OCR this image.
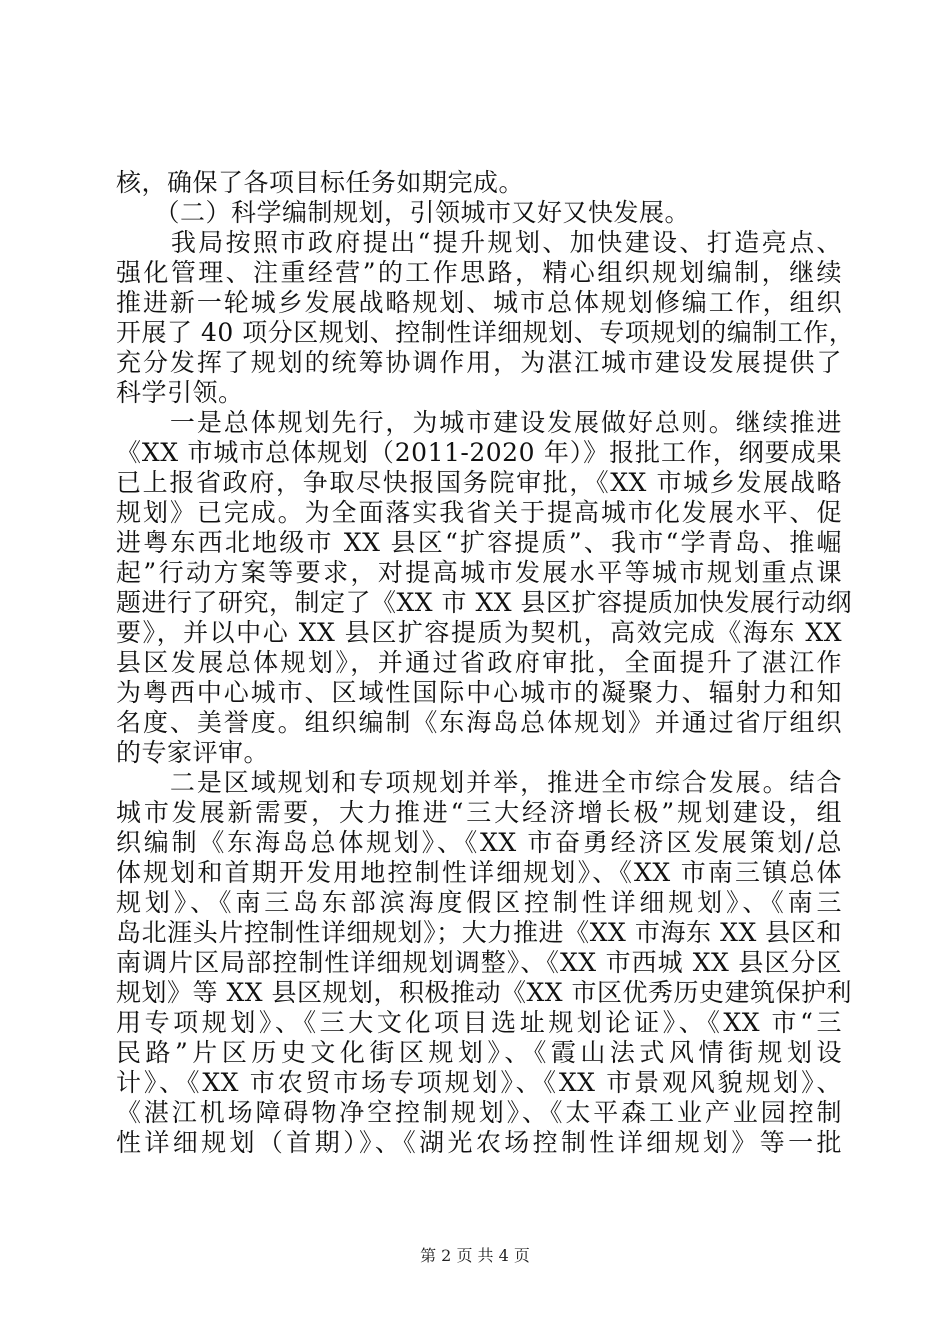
核，确保了各项目标任务如期完成。
　　（二）科学编制规划，引领城市又好又快发展。
　　我局按照市政府提出“提升规划、加快建设、打造亮点、
强化管理、注重经营”的工作思路，精心组织规划编制，继续
推进新一轮城乡发展战略规划、城市总体规划修编工作，组织
开展了 40 项分区规划、控制性详细规划、专项规划的编制工作，
充分发挥了规划的统筹协调作用，为湛江城市建设发展提供了
科学引领。
　　一是总体规划先行，为城市建设发展做好总则。继续推进
《XX 市城市总体规划（2011-2020 年）》报批工作，纲要成果
已上报省政府，争取尽快报国务院审批，《XX 市城乡发展战略
规划》已完成。为全面落实我省关于提高城市化发展水平、促
进粤东西北地级市 XX 县区“扩容提质”、我市“学青岛、推崛
起”行动方案等要求，对提高城市发展水平等城市规划重点课
题进行了研究，制定了《XX 市 XX 县区扩容提质加快发展行动纲
要》，并以中心 XX 县区扩容提质为契机，高效完成《海东 XX
县区发展总体规划》，并通过省政府审批，全面提升了湛江作
为粤西中心城市、区域性国际中心城市的凝聚力、辐射力和知
名度、美誉度。组织编制《东海岛总体规划》并通过省厅组织
的专家评审。
　　二是区域规划和专项规划并举，推进全市综合发展。结合
城市发展新需要，大力推进“三大经济增长极”规划建设，组
织编制《东海岛总体规划》、《XX 市奋勇经济区发展策划/总
体规划和首期开发用地控制性详细规划》、《XX 市南三镇总体
规划》、《南三岛东部滨海度假区控制性详细规划》、《南三
岛北涯头片控制性详细规划》；大力推进《XX 市海东 XX 县区和
南调片区局部控制性详细规划调整》、《XX 市西城 XX 县区分区
规划》等 XX 县区规划，积极推动《XX 市区优秀历史建筑保护利
用专项规划》、《三大文化项目选址规划论证》、《XX 市“三
民路”片区历史文化街区规划》、《霞山法式风情街规划设
计》、《XX 市农贸市场专项规划》、《XX 市景观风貌规划》、
《湛江机场障碍物净空控制规划》、《太平森工业产业园控制
性详细规划（首期）》、《湖光农场控制性详细规划》等一批
第 2 页 共 4 页
